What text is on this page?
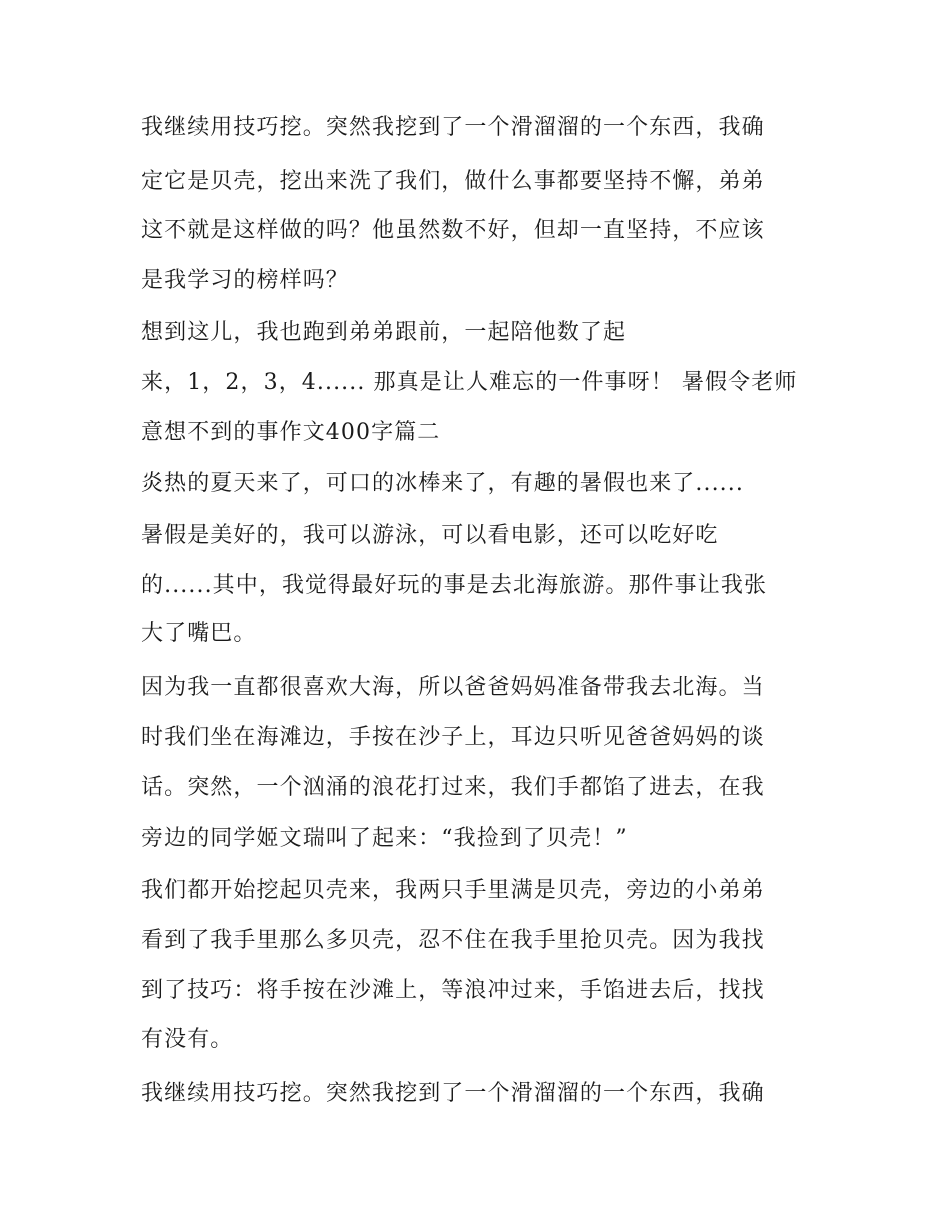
我继续用技巧挖。突然我挖到了一个滑溜溜的一个东西，我确
定它是贝壳，挖出来洗了我们，做什么事都要坚持不懈，弟弟
这不就是这样做的吗？他虽然数不好，但却一直坚持，不应该
是我学习的榜样吗？
想到这儿，我也跑到弟弟跟前，一起陪他数了起
来，1，2，3，4...... 那真是让人难忘的一件事呀！ 暑假令老师
意想不到的事作文400字篇二
炎热的夏天来了，可口的冰棒来了，有趣的暑假也来了......
暑假是美好的，我可以游泳，可以看电影，还可以吃好吃
的......其中，我觉得最好玩的事是去北海旅游。那件事让我张
大了嘴巴。
因为我一直都很喜欢大海，所以爸爸妈妈准备带我去北海。当
时我们坐在海滩边，手按在沙子上，耳边只听见爸爸妈妈的谈
话。突然，一个汹涌的浪花打过来，我们手都馅了进去，在我
旁边的同学姬文瑞叫了起来：“我捡到了贝壳！”
我们都开始挖起贝壳来，我两只手里满是贝壳，旁边的小弟弟
看到了我手里那么多贝壳，忍不住在我手里抢贝壳。因为我找
到了技巧：将手按在沙滩上，等浪冲过来，手馅进去后，找找
有没有。
我继续用技巧挖。突然我挖到了一个滑溜溜的一个东西，我确
